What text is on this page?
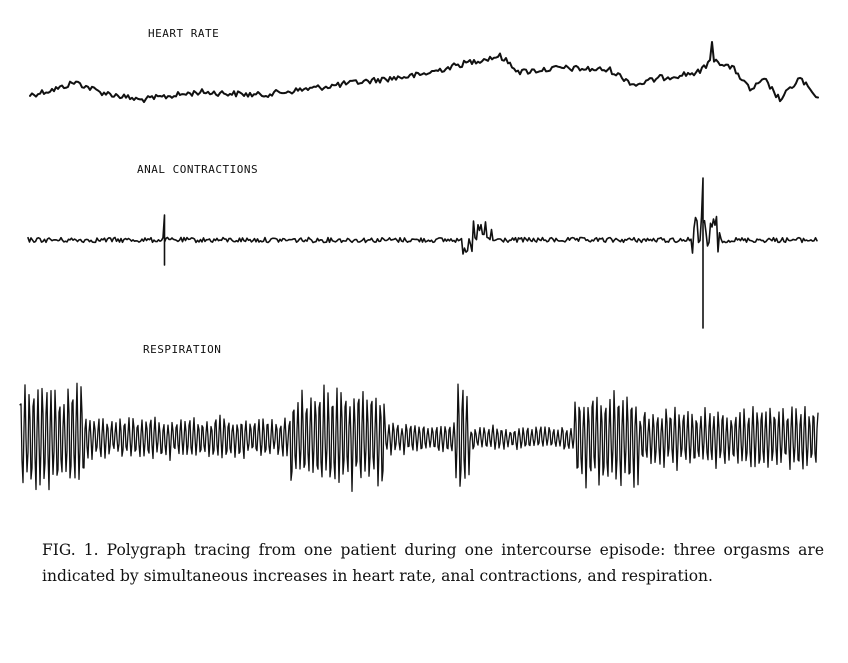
HEART RATE
ANAL CONTRACTIONS
RESPIRATION

FIG. 1. Polygraph tracing from one patient during one intercourse episode: three orgasms are indicated by simultaneous increases in heart rate, anal contractions, and respiration.
